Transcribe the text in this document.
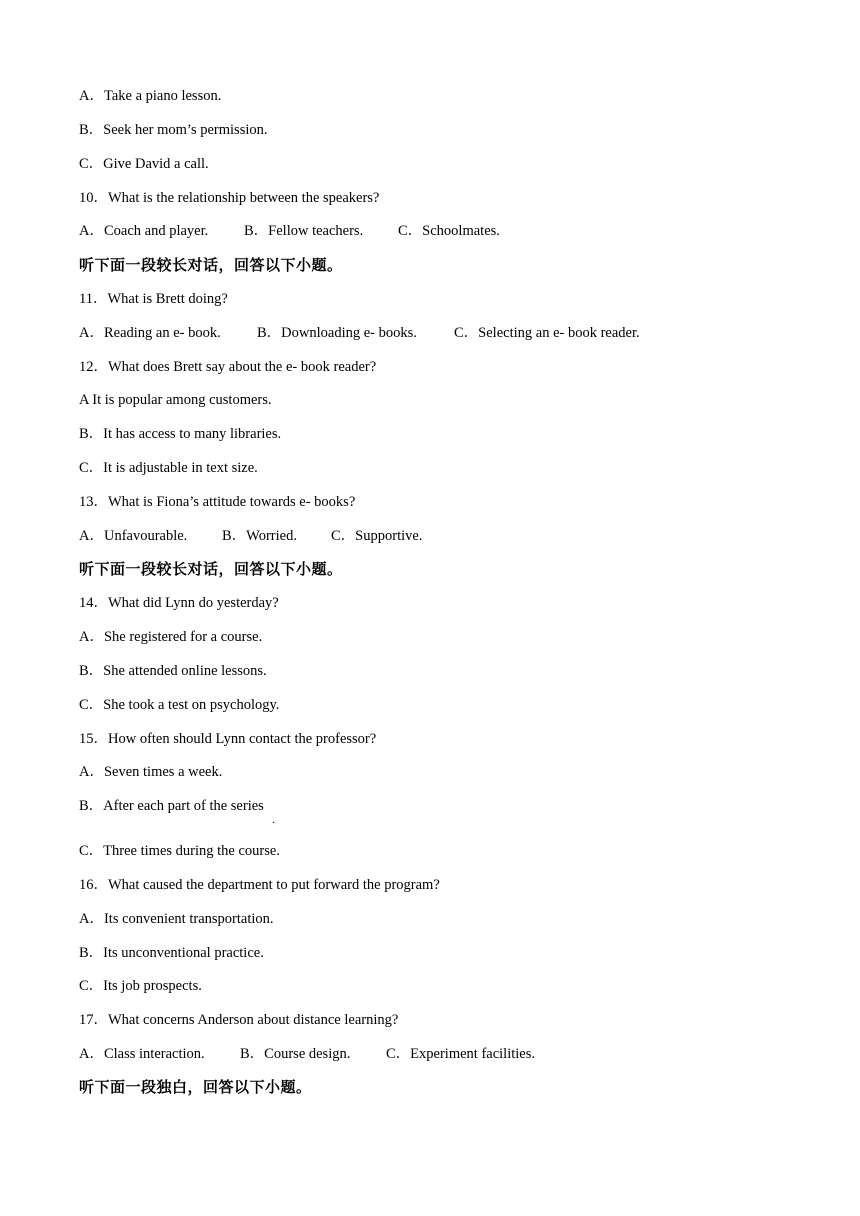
A．Take a piano lesson.
B．Seek her mom’s permission.
C．Give David a call.
10．What is the relationship between the speakers?
A．Coach and player. B．Fellow teachers. C．Schoolmates.
听下面一段较长对话，回答以下小题。
11．What is Brett doing?
A．Reading an e- book.	B．Downloading e- books.	C．Selecting an e- book reader.
12．What does Brett say about the e- book reader?
A It is popular among customers.
B．It has access to many libraries.
C．It is adjustable in text size.
13．What is Fiona’s attitude towards e- books?
A．Unfavourable. B．Worried. C．Supportive.
听下面一段较长对话，回答以下小题。
14．What did Lynn do yesterday?
A．She registered for a course.
B．She attended online lessons.
C．She took a test on psychology.
15．How often should Lynn contact the professor?
A．Seven times a week.
B．After each part of the series
.
C．Three times during the course.
16．What caused the department to put forward the program?
A．Its convenient transportation.
B．Its unconventional practice.
C．Its job prospects.
17．What concerns Anderson about distance learning?
A．Class interaction. B．Course design. C．Experiment facilities.
听下面一段独白，回答以下小题。
